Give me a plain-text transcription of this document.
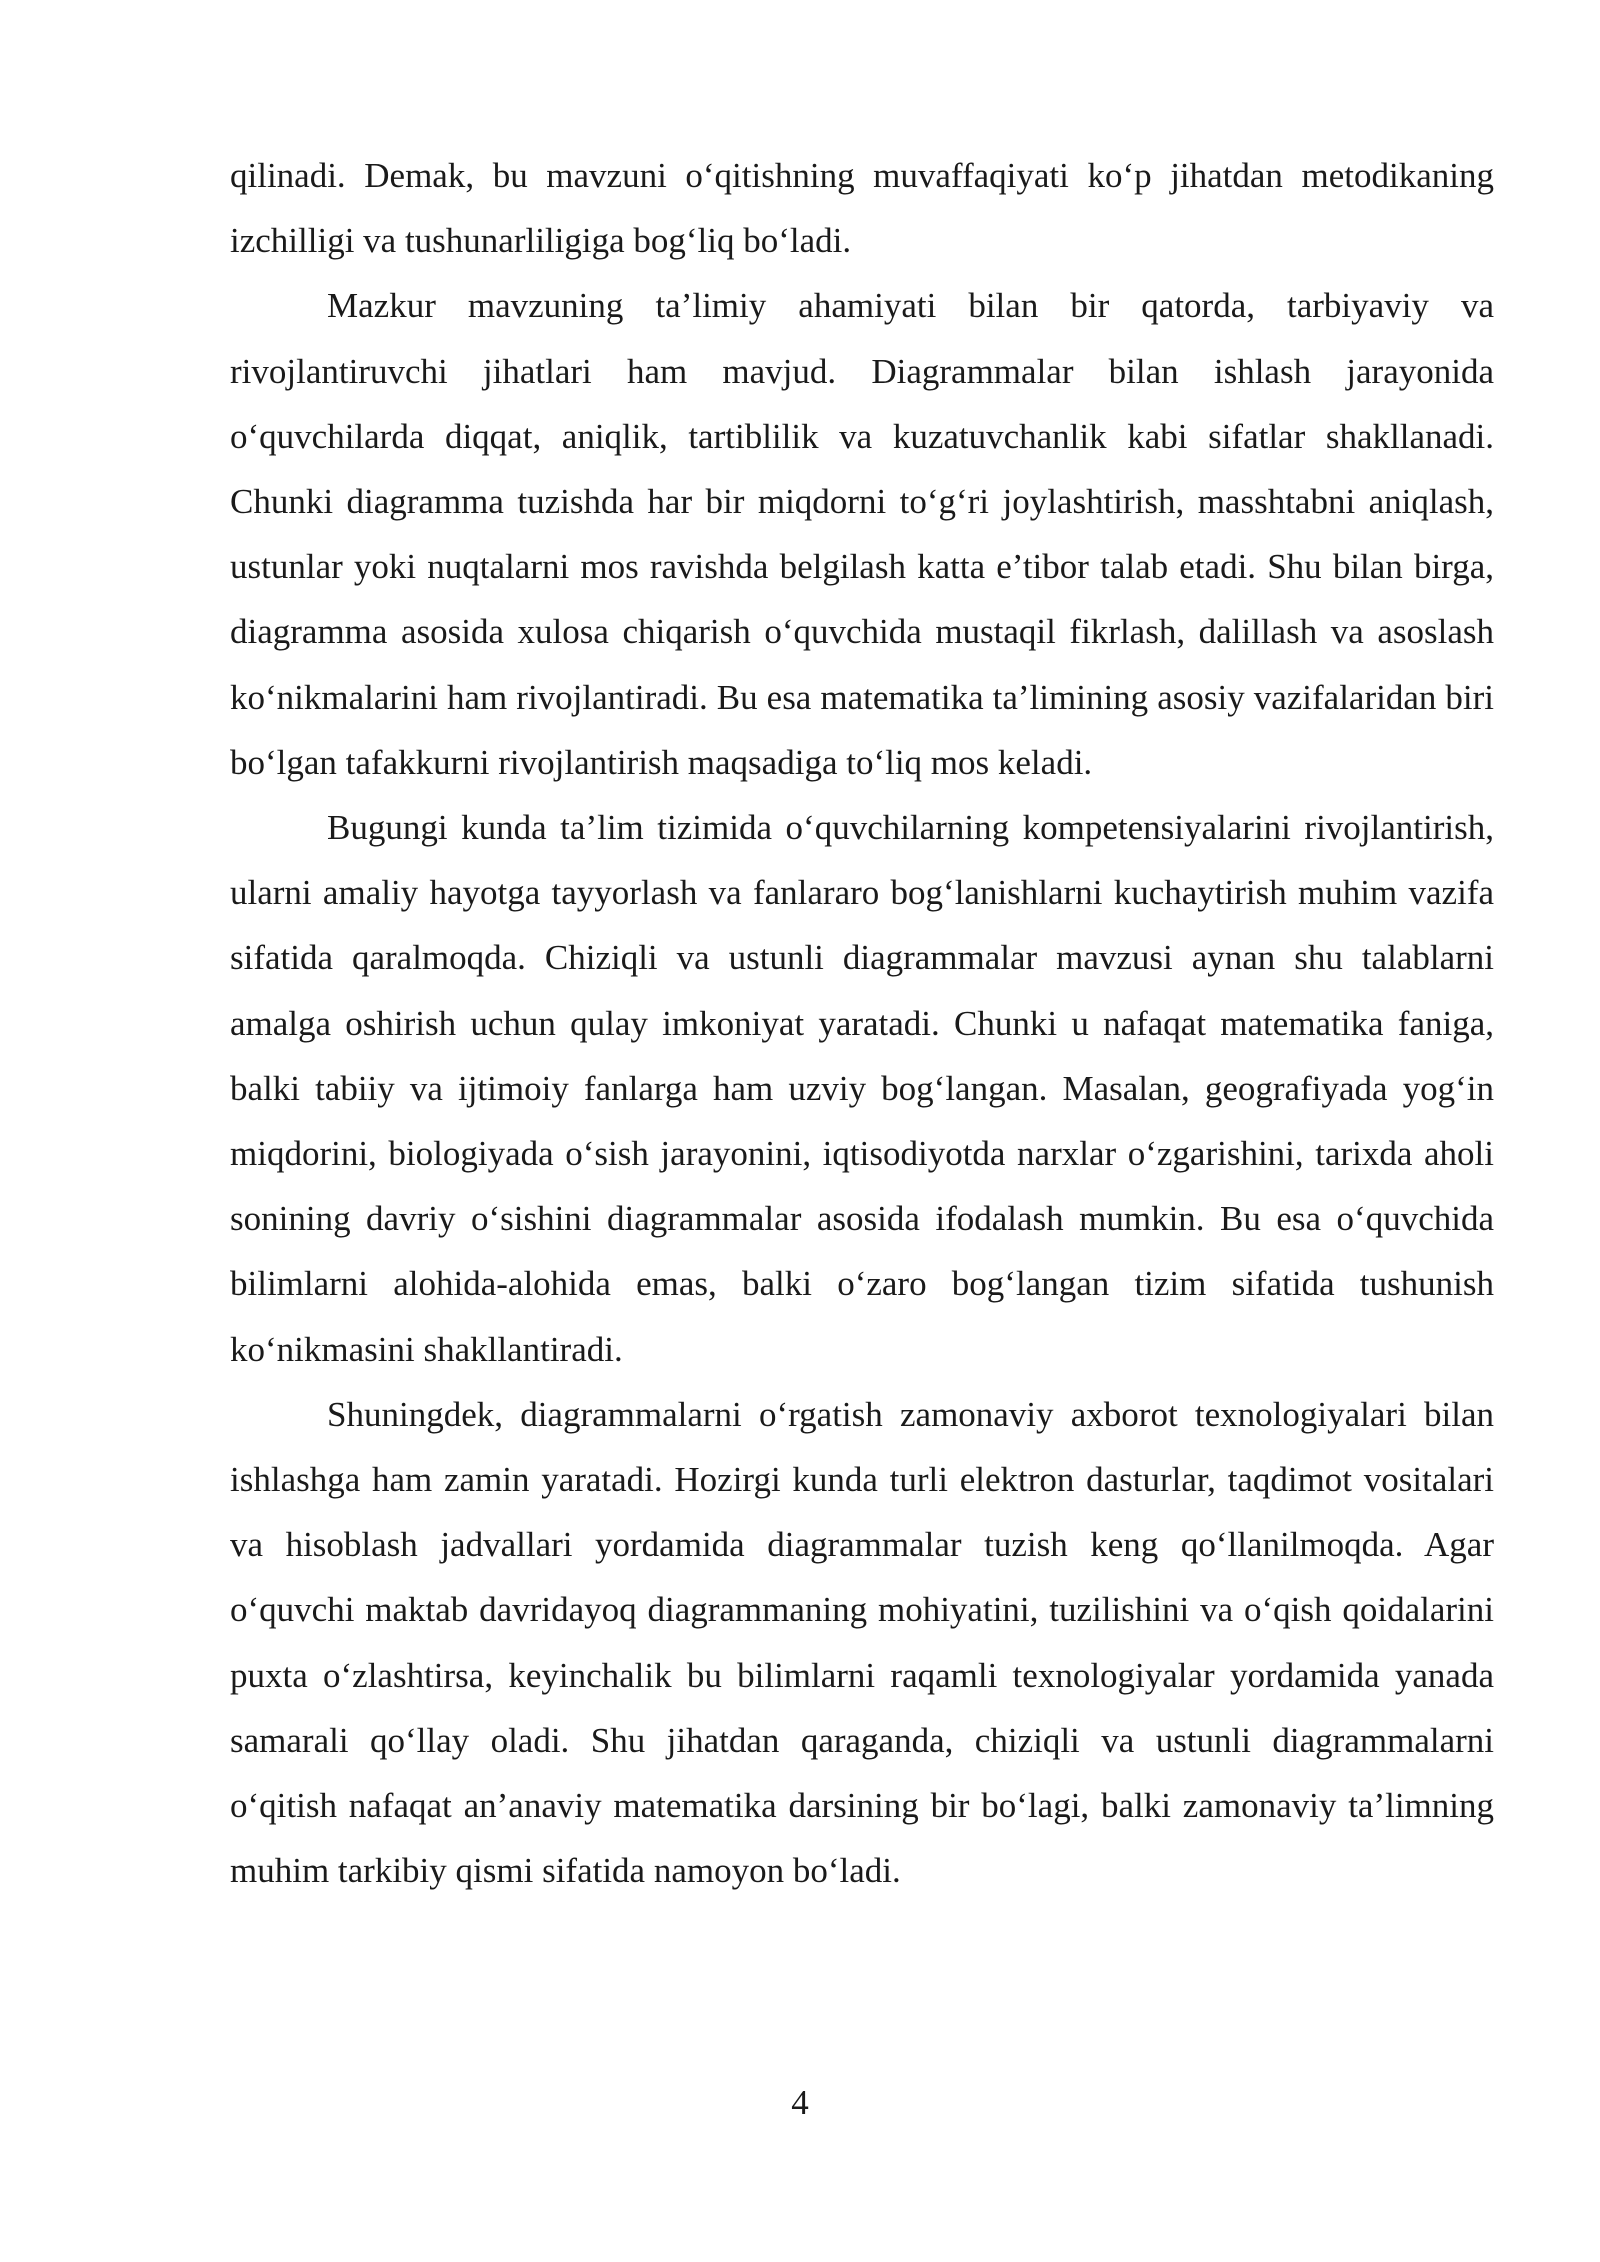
qilinadi. Demak, bu mavzuni o‘qitishning muvaffaqiyati ko‘p jihatdan metodikaning izchilligi va tushunarliligiga bog‘liq bo‘ladi.

Mazkur mavzuning ta’limiy ahamiyati bilan bir qatorda, tarbiyaviy va rivojlantiruvchi jihatlari ham mavjud. Diagrammalar bilan ishlash jarayonida o‘quvchilarda diqqat, aniqlik, tartiblilik va kuzatuvchanlik kabi sifatlar shakllanadi. Chunki diagramma tuzishda har bir miqdorni to‘g‘ri joylashtirish, masshtabni aniqlash, ustunlar yoki nuqtalarni mos ravishda belgilash katta e’tibor talab etadi. Shu bilan birga, diagramma asosida xulosa chiqarish o‘quvchida mustaqil fikrlash, dalillash va asoslash ko‘nikmalarini ham rivojlantiradi. Bu esa matematika ta’limining asosiy vazifalaridan biri bo‘lgan tafakkurni rivojlantirish maqsadiga to‘liq mos keladi.

Bugungi kunda ta’lim tizimida o‘quvchilarning kompetensiyalarini rivojlantirish, ularni amaliy hayotga tayyorlash va fanlararo bog‘lanishlarni kuchaytirish muhim vazifa sifatida qaralmoqda. Chiziqli va ustunli diagrammalar mavzusi aynan shu talablarni amalga oshirish uchun qulay imkoniyat yaratadi. Chunki u nafaqat matematika faniga, balki tabiiy va ijtimoiy fanlarga ham uzviy bog‘langan. Masalan, geografiyada yog‘in miqdorini, biologiyada o‘sish jarayonini, iqtisodiyotda narxlar o‘zgarishini, tarixda aholi sonining davriy o‘sishini diagrammalar asosida ifodalash mumkin. Bu esa o‘quvchida bilimlarni alohida-alohida emas, balki o‘zaro bog‘langan tizim sifatida tushunish ko‘nikmasini shakllantiradi.

Shuningdek, diagrammalarni o‘rgatish zamonaviy axborot texnologiyalari bilan ishlashga ham zamin yaratadi. Hozirgi kunda turli elektron dasturlar, taqdimot vositalari va hisoblash jadvallari yordamida diagrammalar tuzish keng qo‘llanilmoqda. Agar o‘quvchi maktab davridayoq diagrammaning mohiyatini, tuzilishini va o‘qish qoidalarini puxta o‘zlashtirsa, keyinchalik bu bilimlarni raqamli texnologiyalar yordamida yanada samarali qo‘llay oladi. Shu jihatdan qaraganda, chiziqli va ustunli diagrammalarni o‘qitish nafaqat an’anaviy matematika darsining bir bo‘lagi, balki zamonaviy ta’limning muhim tarkibiy qismi sifatida namoyon bo‘ladi.

4
